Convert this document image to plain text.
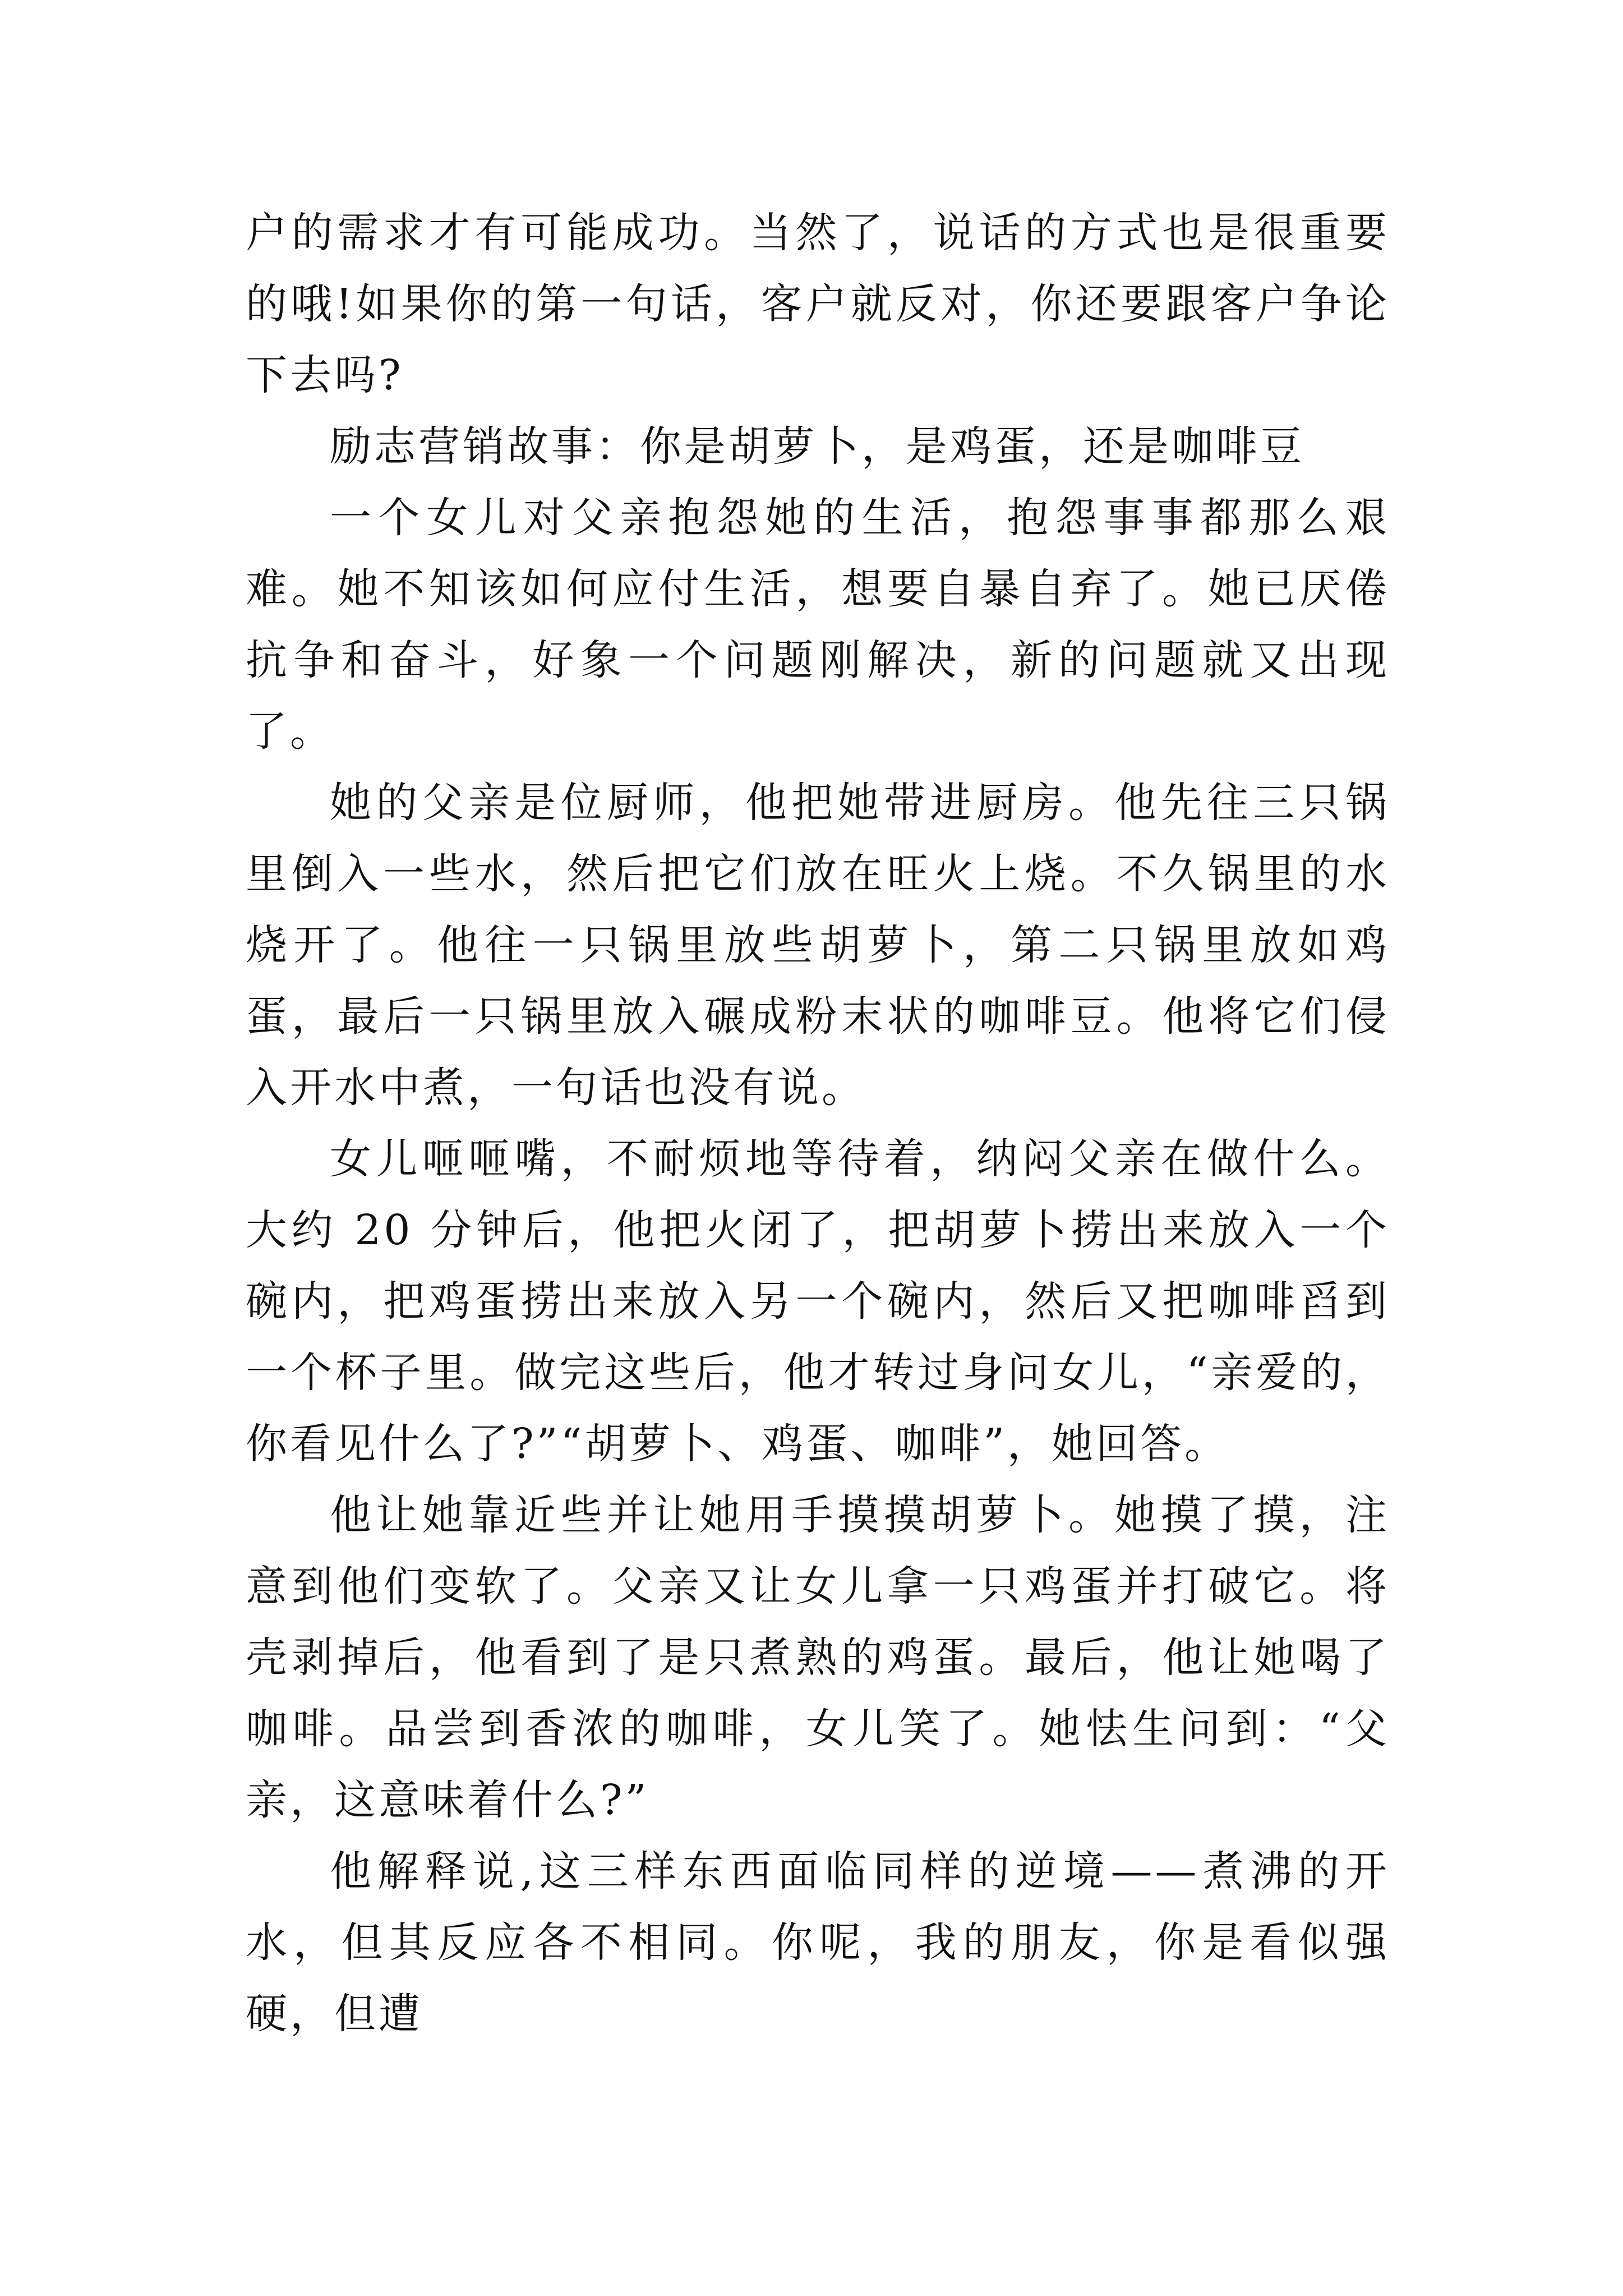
户的需求才有可能成功。当然了，说话的方式也是很重要的哦!如果你的第一句话，客户就反对，你还要跟客户争论下去吗?

励志营销故事：你是胡萝卜，是鸡蛋，还是咖啡豆

一个女儿对父亲抱怨她的生活，抱怨事事都那么艰难。她不知该如何应付生活，想要自暴自弃了。她已厌倦抗争和奋斗，好象一个问题刚解决，新的问题就又出现了。

她的父亲是位厨师，他把她带进厨房。他先往三只锅里倒入一些水，然后把它们放在旺火上烧。不久锅里的水烧开了。他往一只锅里放些胡萝卜，第二只锅里放如鸡蛋，最后一只锅里放入碾成粉末状的咖啡豆。他将它们侵入开水中煮，一句话也没有说。

女儿咂咂嘴，不耐烦地等待着，纳闷父亲在做什么。大约 20 分钟后，他把火闭了，把胡萝卜捞出来放入一个碗内，把鸡蛋捞出来放入另一个碗内，然后又把咖啡舀到一个杯子里。做完这些后，他才转过身问女儿，“亲爱的，你看见什么了?”“胡萝卜、鸡蛋、咖啡”，她回答。

他让她靠近些并让她用手摸摸胡萝卜。她摸了摸，注意到他们变软了。父亲又让女儿拿一只鸡蛋并打破它。将壳剥掉后，他看到了是只煮熟的鸡蛋。最后，他让她喝了咖啡。品尝到香浓的咖啡，女儿笑了。她怯生问到：“父亲，这意味着什么?”

他解释说,这三样东西面临同样的逆境——煮沸的开水，但其反应各不相同。你呢，我的朋友，你是看似强硬，但遭
